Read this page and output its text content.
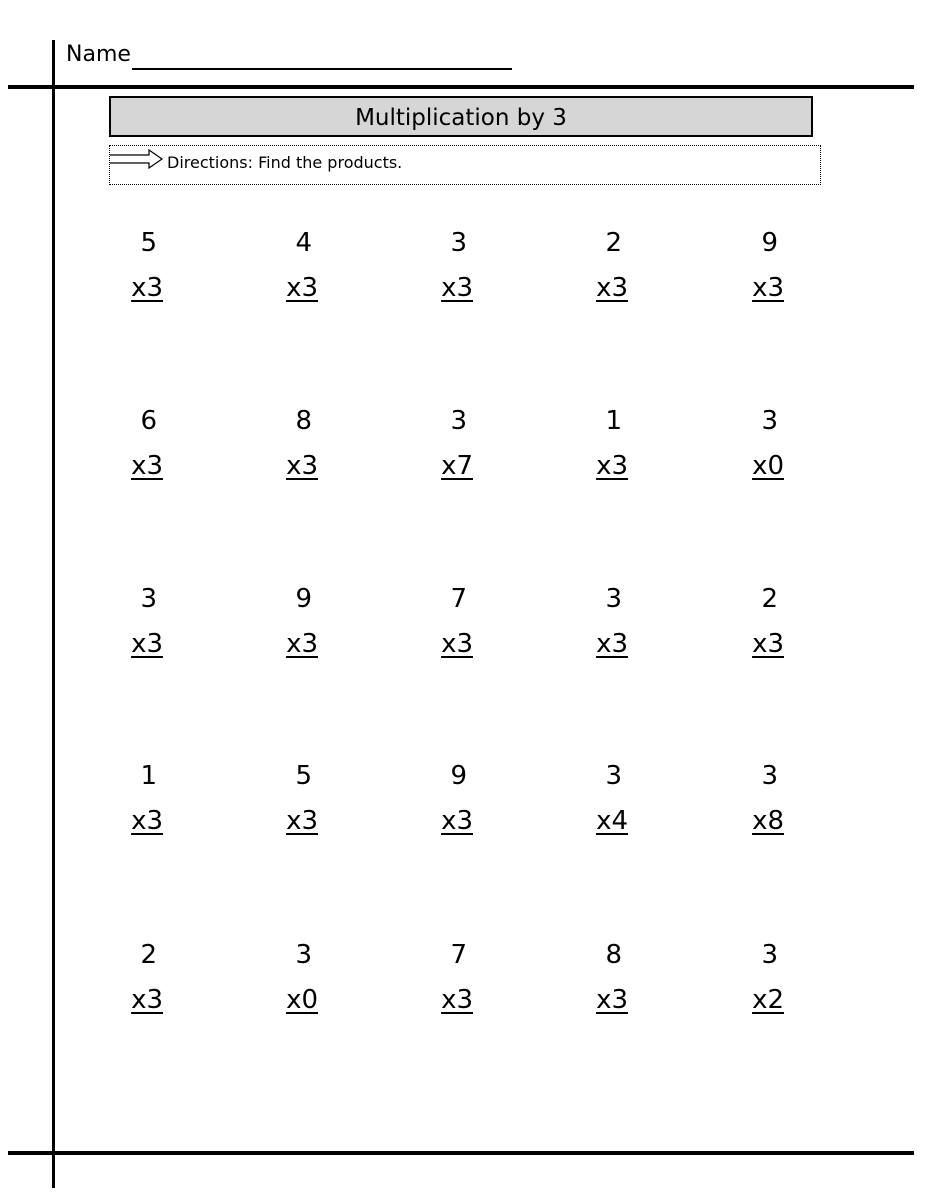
Name
Multiplication by 3
Directions: Find the products.
5
x3
4
x3
3
x3
2
x3
9
x3
6
x3
8
x3
3
x7
1
x3
3
x0
3
x3
9
x3
7
x3
3
x3
2
x3
1
x3
5
x3
9
x3
3
x4
3
x8
2
x3
3
x0
7
x3
8
x3
3
x2
